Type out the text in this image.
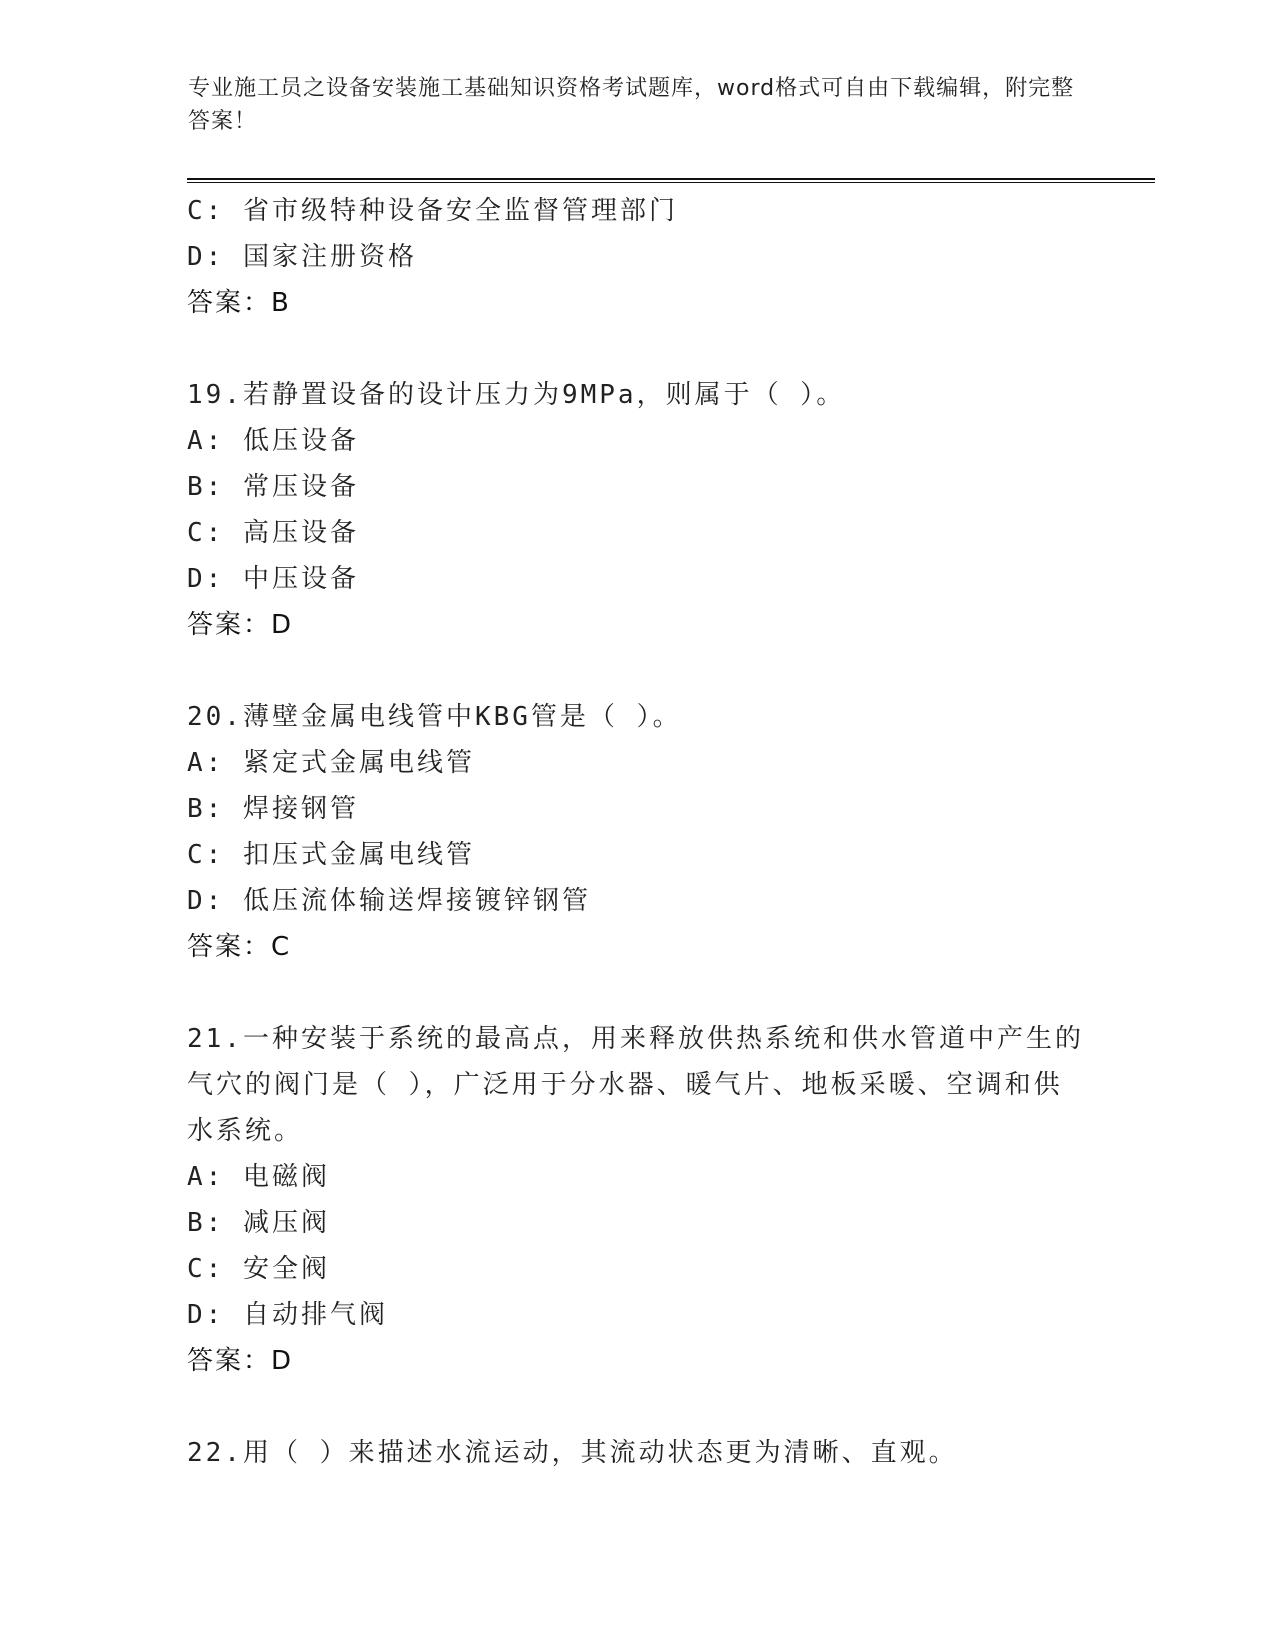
专业施工员之设备安装施工基础知识资格考试题库，word格式可自由下载编辑，附完整答案！
C: 省市级特种设备安全监督管理部门
D: 国家注册资格
答案：B
19.若静置设备的设计压力为9MPa，则属于（ ）。
A: 低压设备
B: 常压设备
C: 高压设备
D: 中压设备
答案：D
20.薄壁金属电线管中KBG管是（ ）。
A: 紧定式金属电线管
B: 焊接钢管
C: 扣压式金属电线管
D: 低压流体输送焊接镀锌钢管
答案：C
21.一种安装于系统的最高点，用来释放供热系统和供水管道中产生的气穴的阀门是（ ），广泛用于分水器、暖气片、地板采暖、空调和供水系统。
A: 电磁阀
B: 减压阀
C: 安全阀
D: 自动排气阀
答案：D
22.用（ ）来描述水流运动，其流动状态更为清晰、直观。
